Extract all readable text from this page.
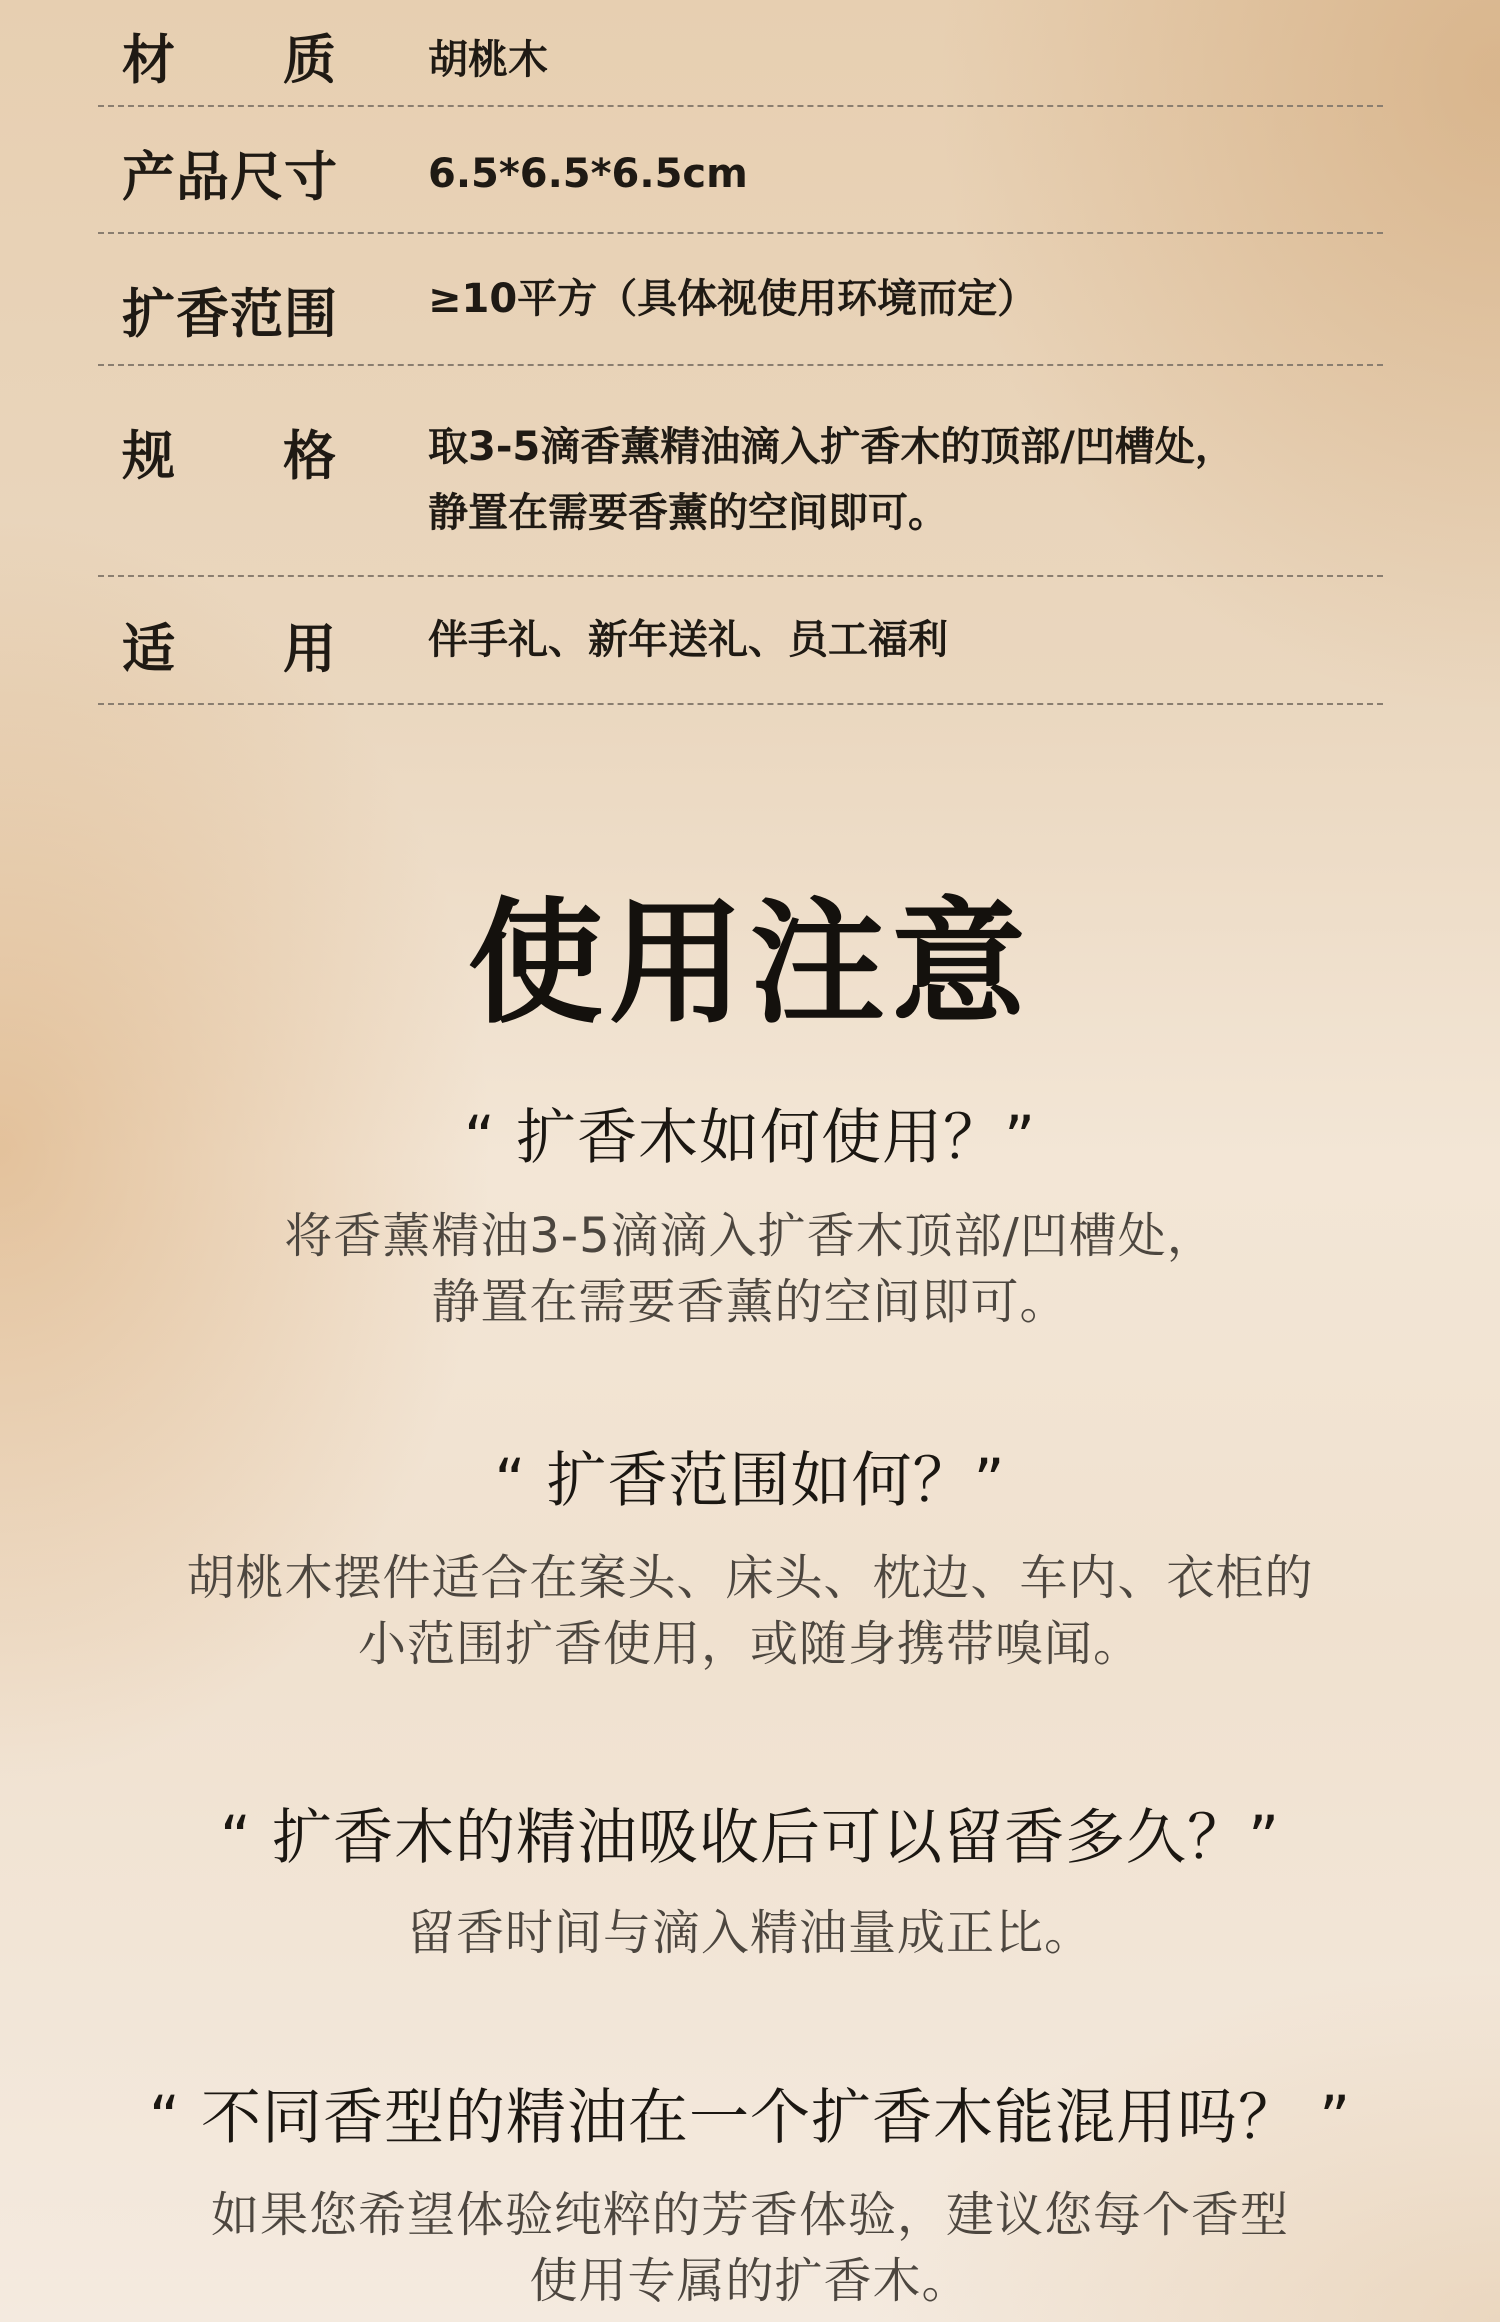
材质 胡桃木
产品尺寸 6.5*6.5*6.5cm
扩香范围 ≥10平方（具体视使用环境而定）
规格 取3-5滴香薰精油滴入扩香木的顶部/凹槽处，
静置在需要香薰的空间即可。
适用 伴手礼、新年送礼、员工福利
使用注意
“ 扩香木如何使用？”
将香薰精油3-5滴滴入扩香木顶部/凹槽处，
静置在需要香薰的空间即可。
“ 扩香范围如何？”
胡桃木摆件适合在案头、床头、枕边、车内、衣柜的
小范围扩香使用，或随身携带嗅闻。
“ 扩香木的精油吸收后可以留香多久？”
留香时间与滴入精油量成正比。
“ 不同香型的精油在一个扩香木能混用吗？ ”
如果您希望体验纯粹的芳香体验，建议您每个香型
使用专属的扩香木。
